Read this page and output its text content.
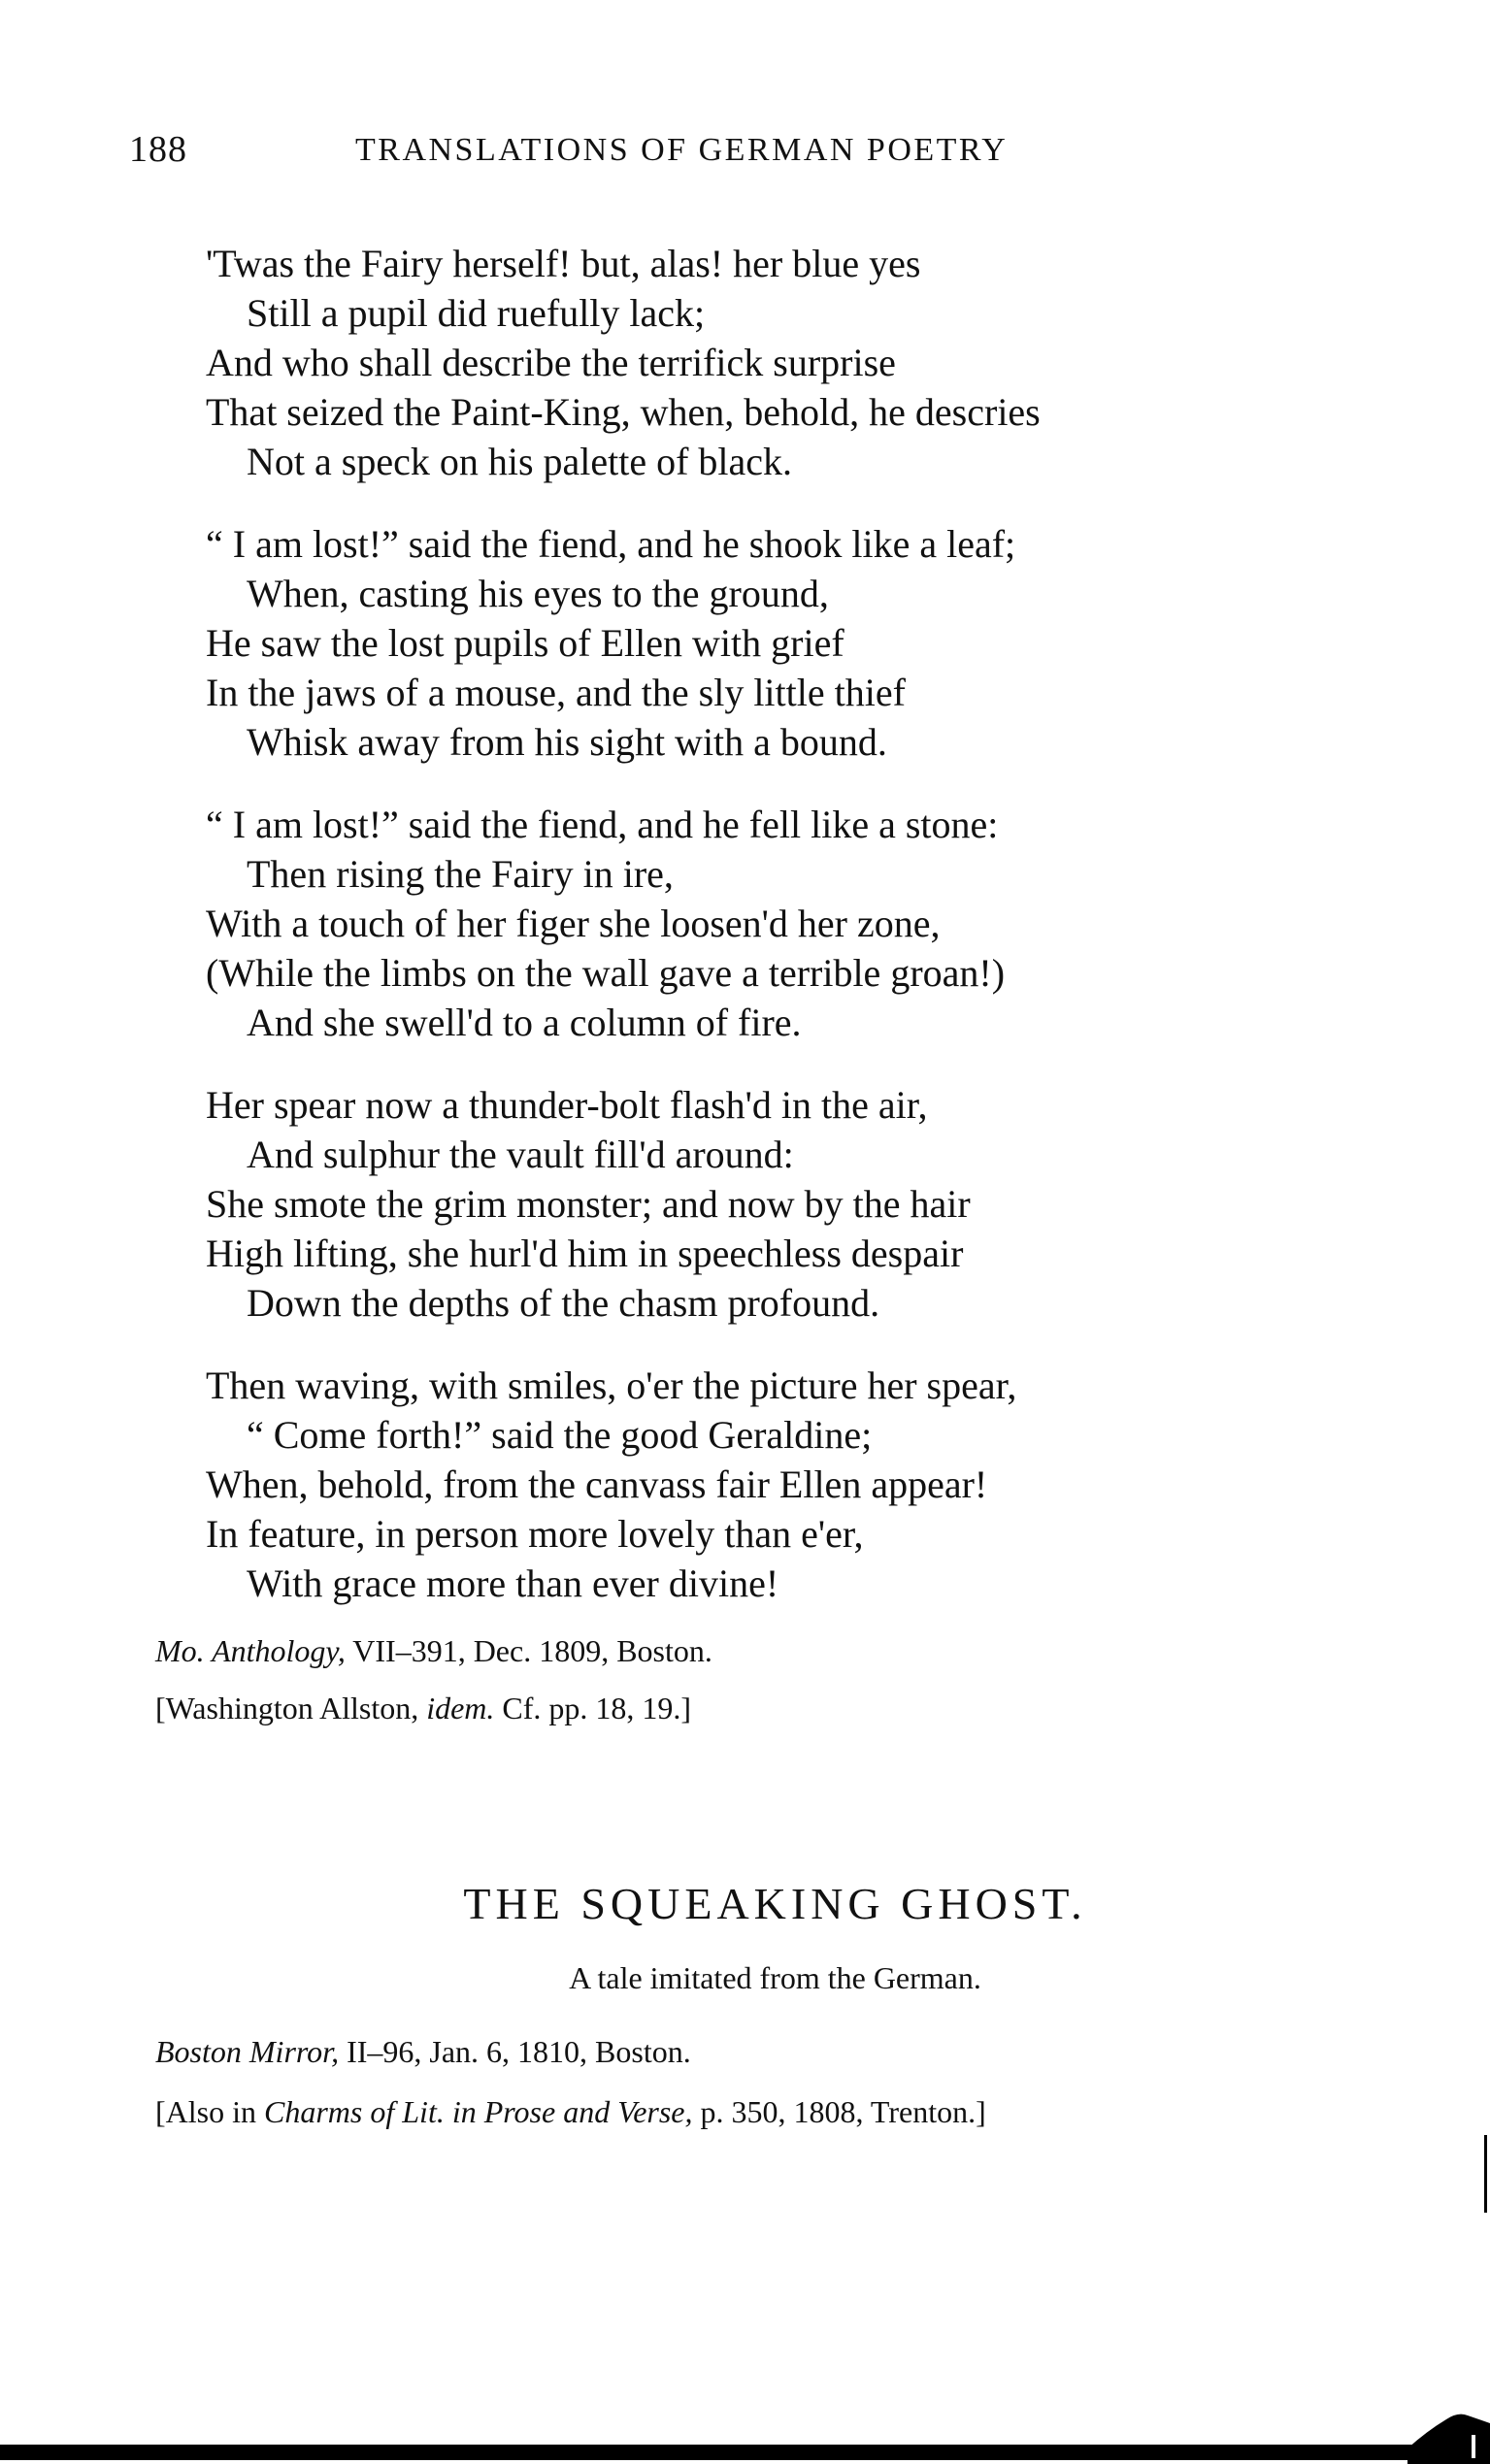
188	TRANSLATIONS OF GERMAN POETRY
'Twas the Fairy herself! but, alas! her blue yes
Still a pupil did ruefully lack;
And who shall describe the terrifick surprise
That seized the Paint-King, when, behold, he descries
Not a speck on his palette of black.
“ I am lost!” said the fiend, and he shook like a leaf;
When, casting his eyes to the ground,
He saw the lost pupils of Ellen with grief
In the jaws of a mouse, and the sly little thief
Whisk away from his sight with a bound.
“ I am lost!” said the fiend, and he fell like a stone:
Then rising the Fairy in ire,
With a touch of her figer she loosen'd her zone,
(While the limbs on the wall gave a terrible groan!)
And she swell'd to a column of fire.
Her spear now a thunder-bolt flash'd in the air,
And sulphur the vault fill'd around:
She smote the grim monster; and now by the hair
High lifting, she hurl'd him in speechless despair
Down the depths of the chasm profound.
Then waving, with smiles, o'er the picture her spear,
“ Come forth!” said the good Geraldine;
When, behold, from the canvass fair Ellen appear!
In feature, in person more lovely than e'er,
With grace more than ever divine!
Mo. Anthology, VII–391, Dec. 1809, Boston.
[Washington Allston, idem. Cf. pp. 18, 19.]
THE SQUEAKING GHOST.
A tale imitated from the German.
Boston Mirror, II–96, Jan. 6, 1810, Boston.
[Also in Charms of Lit. in Prose and Verse, p. 350, 1808, Trenton.]
